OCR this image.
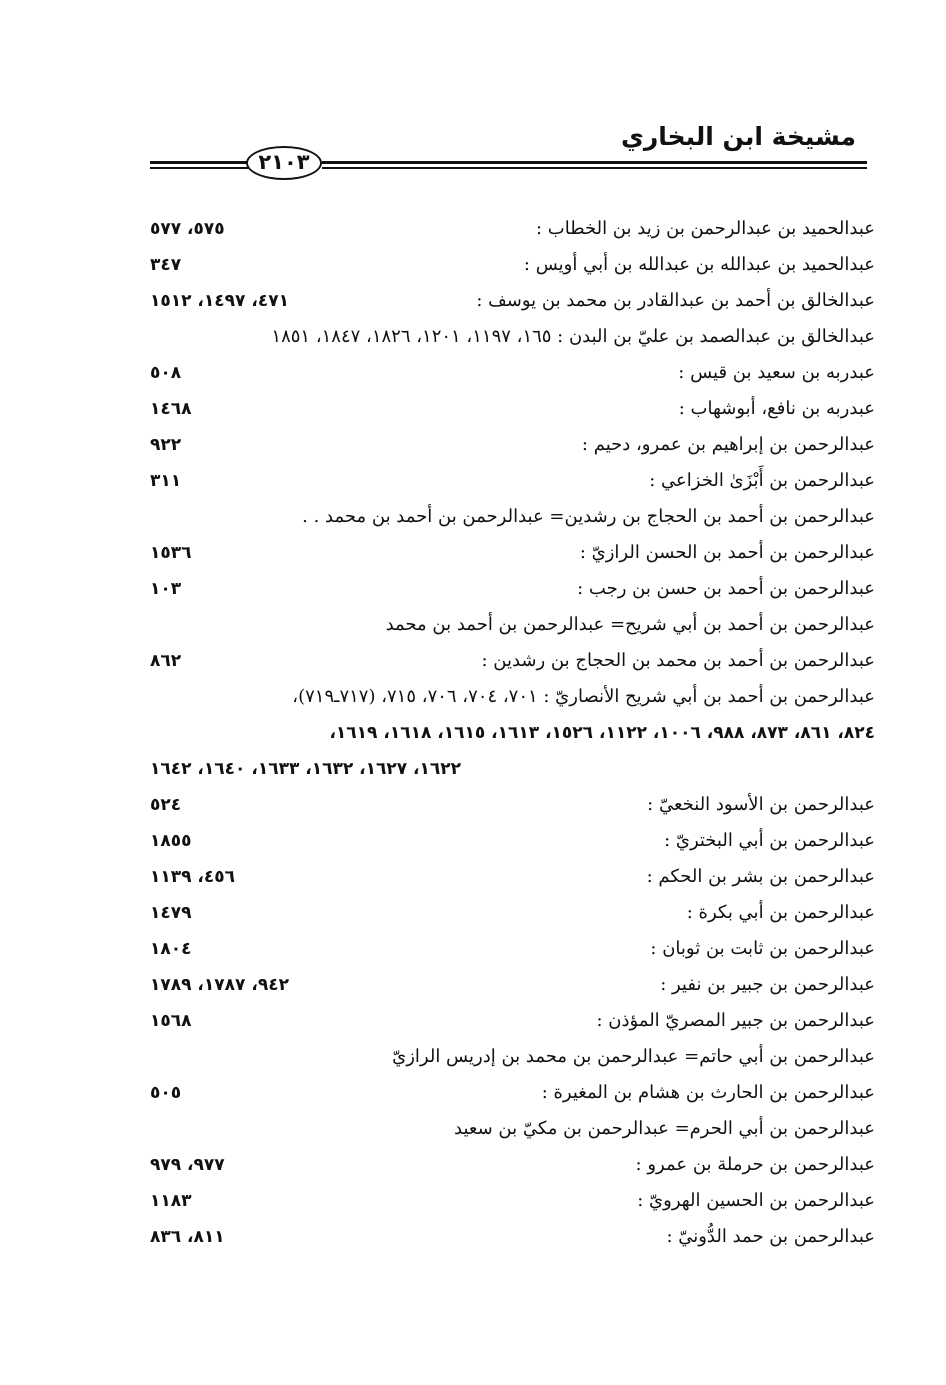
مشيخة ابن البخاري
٢١٠٣
عبدالحميد بن عبدالرحمن بن زيد بن الخطاب :
٥٧٥، ٥٧٧
عبدالحميد بن عبدالله بن عبدالله بن أبي أويس :
٣٤٧
عبدالخالق بن أحمد بن عبدالقادر بن محمد بن يوسف :
٤٧١، ١٤٩٧، ١٥١٢
عبدالخالق بن عبدالصمد بن عليّ بن البدن : ١٦٥، ١١٩٧، ١٢٠١، ١٨٢٦، ١٨٤٧، ١٨٥١
عبدربه بن سعيد بن قيس :
٥٠٨
عبدربه بن نافع، أبوشهاب :
١٤٦٨
عبدالرحمن بن إبراهيم بن عمرو، دحيم :
٩٢٢
عبدالرحمن بن أَبْزَىٰ الخزاعي :
٣١١
عبدالرحمن بن أحمد بن الحجاج بن رشدين= عبدالرحمن بن أحمد بن محمد . .
عبدالرحمن بن أحمد بن الحسن الرازيّ :
١٥٣٦
عبدالرحمن بن أحمد بن حسن بن رجب :
١٠٣
عبدالرحمن بن أحمد بن أبي شريح= عبدالرحمن بن أحمد بن محمد
عبدالرحمن بن أحمد بن محمد بن الحجاج بن رشدين :
٨٦٢
عبدالرحمن بن أحمد بن أبي شريح الأنصاريّ : ٧٠١، ٧٠٤، ٧٠٦، ٧١٥، (٧١٧ـ٧١٩)،
٨٢٤، ٨٦١، ٨٧٣، ٩٨٨، ١٠٠٦، ١١٢٢، ١٥٢٦، ١٦١٣، ١٦١٥، ١٦١٨، ١٦١٩،
١٦٢٢، ١٦٢٧، ١٦٣٢، ١٦٣٣، ١٦٤٠، ١٦٤٢
عبدالرحمن بن الأسود النخعيّ :
٥٢٤
عبدالرحمن بن أبي البختريّ :
١٨٥٥
عبدالرحمن بن بشر بن الحكم :
٤٥٦، ١١٣٩
عبدالرحمن بن أبي بكرة :
١٤٧٩
عبدالرحمن بن ثابت بن ثوبان :
١٨٠٤
عبدالرحمن بن جبير بن نفير :
٩٤٢، ١٧٨٧، ١٧٨٩
عبدالرحمن بن جبير المصريّ المؤذن :
١٥٦٨
عبدالرحمن بن أبي حاتم= عبدالرحمن بن محمد بن إدريس الرازيّ
عبدالرحمن بن الحارث بن هشام بن المغيرة :
٥٠٥
عبدالرحمن بن أبي الحرم= عبدالرحمن بن مكيّ بن سعيد
عبدالرحمن بن حرملة بن عمرو :
٩٧٧، ٩٧٩
عبدالرحمن بن الحسين الهرويّ :
١١٨٣
عبدالرحمن بن حمد الدُّونيّ :
٨١١، ٨٣٦
